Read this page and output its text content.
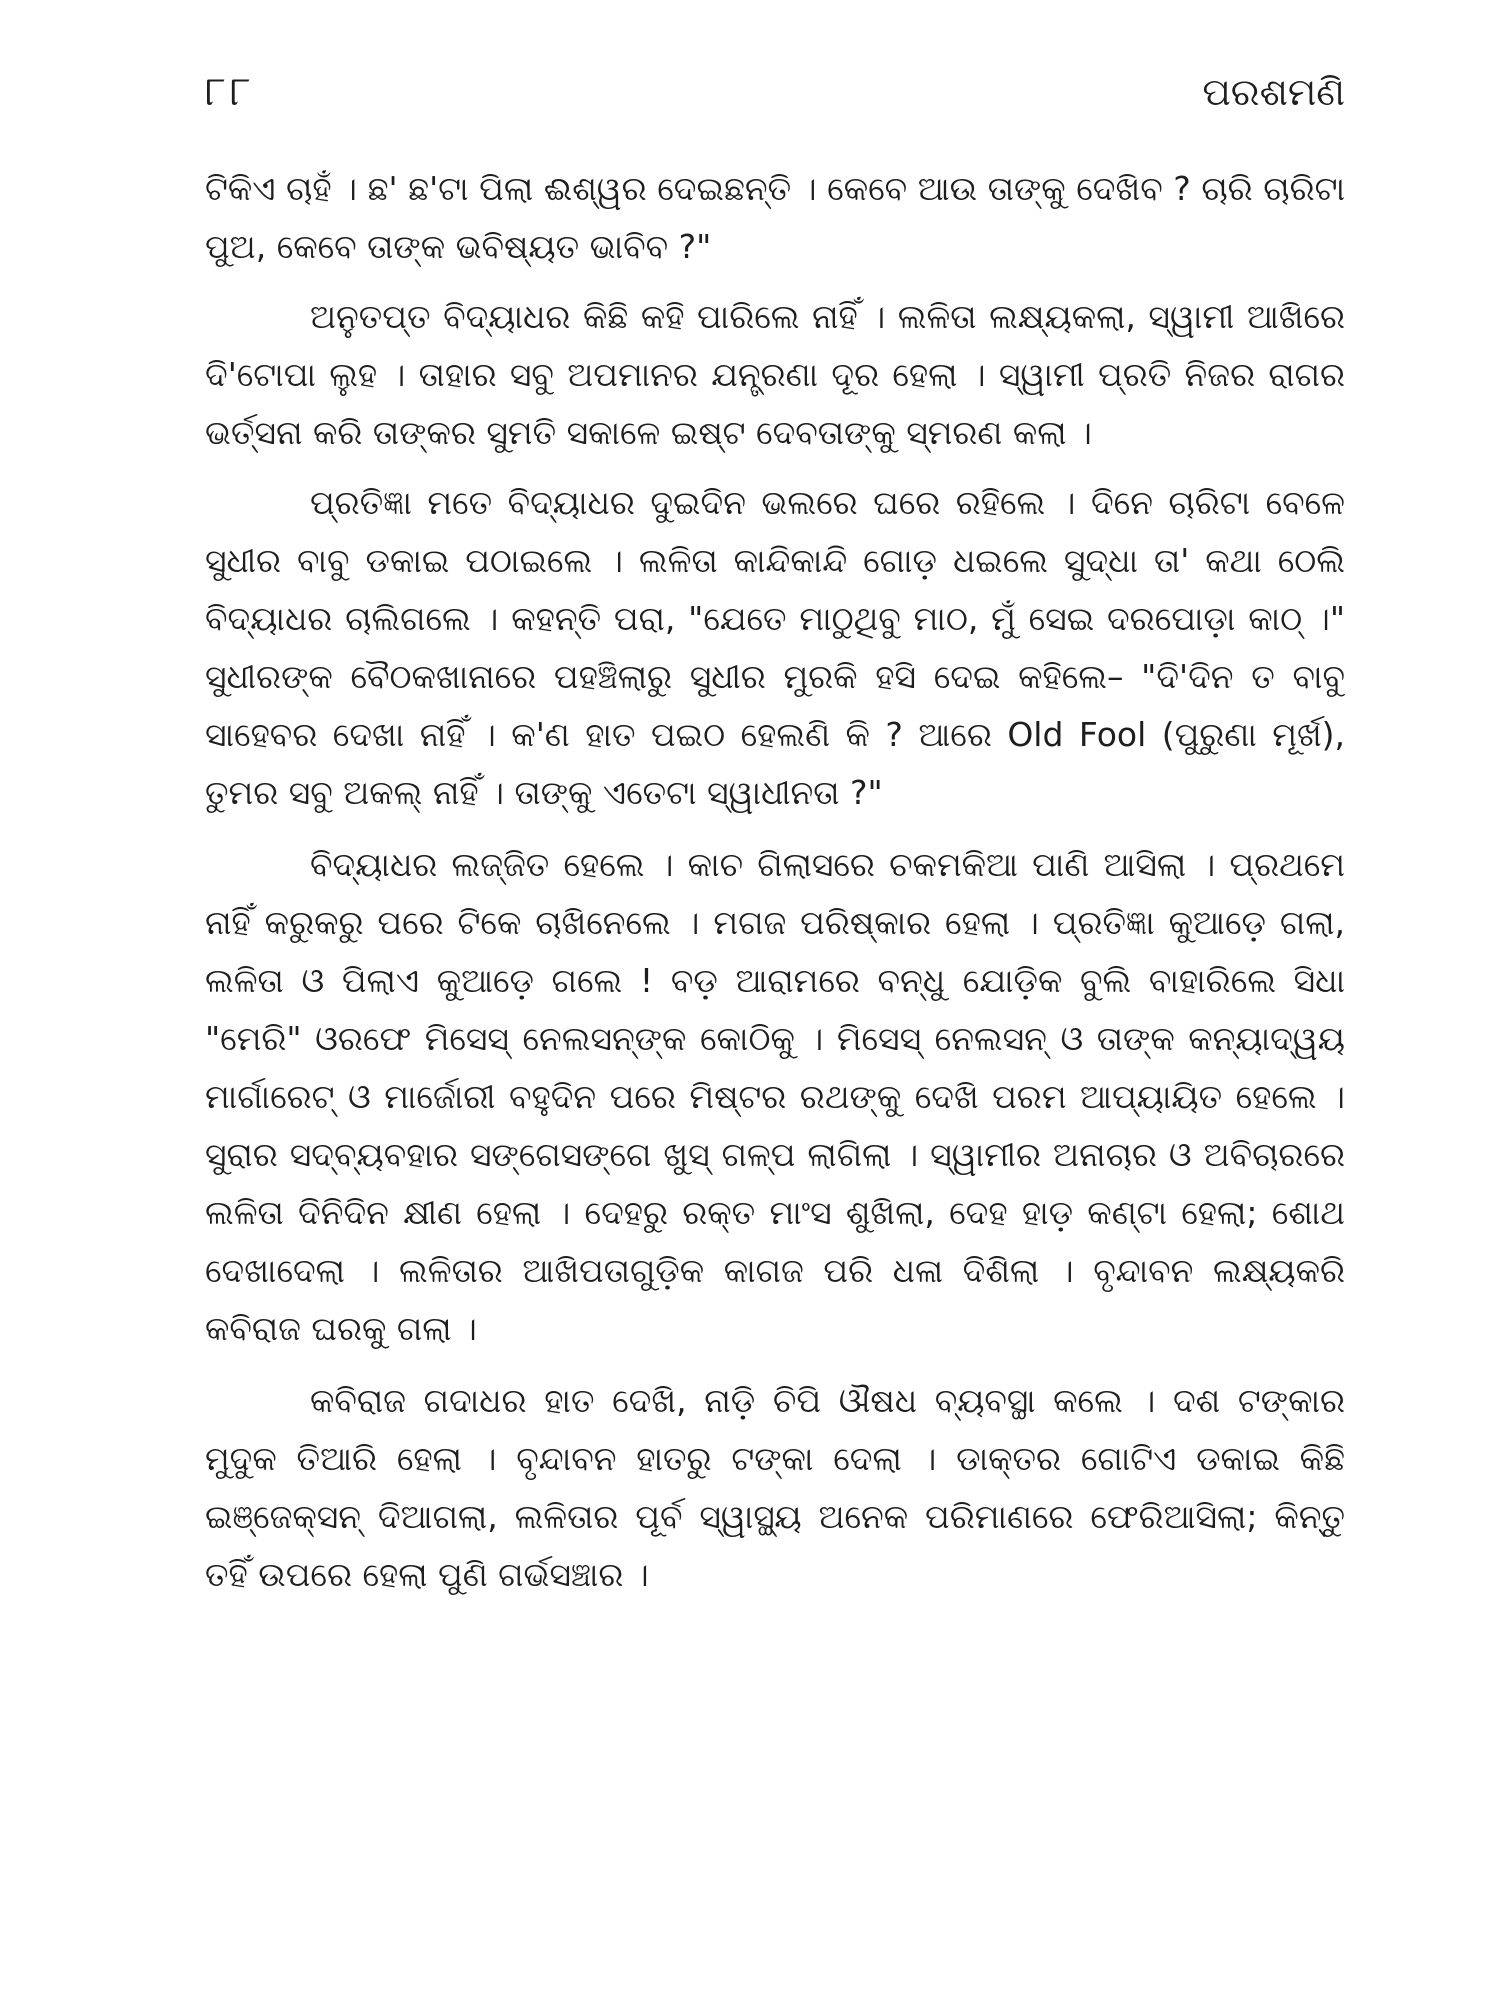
୮୮	ପରଶମଣି

ଟିକିଏ ଚାହଁ । ଛ' ଛ'ଟା ପିଲା ଈଶ୍ୱର ଦେଇଛନ୍ତି । କେବେ ଆଉ ତାଙ୍କୁ ଦେଖିବ ? ଚାରି ଚାରିଟା ପୁଅ, କେବେ ତାଙ୍କ ଭବିଷ୍ୟତ ଭାବିବ ?"

ଅନୁତପ୍ତ ବିଦ୍ୟାଧର କିଛି କହି ପାରିଲେ ନାହିଁ । ଲଳିତା ଲକ୍ଷ୍ୟକଲା, ସ୍ୱାମୀ ଆଖିରେ ଦି'ଟୋପା ଲୁହ । ତାହାର ସବୁ ଅପମାନର ଯନ୍ତ୍ରଣା ଦୂର ହେଲା । ସ୍ୱାମୀ ପ୍ରତି ନିଜର ରାଗର ଭର୍ତ୍ସନା କରି ତାଙ୍କର ସୁମତି ସକାଳେ ଇଷ୍ଟ ଦେବତାଙ୍କୁ ସ୍ମରଣ କଲା ।

ପ୍ରତିଜ୍ଞା ମତେ ବିଦ୍ୟାଧର ଦୁଇଦିନ ଭଲରେ ଘରେ ରହିଲେ । ଦିନେ ଚାରିଟା ବେଳେ ସୁଧୀର ବାବୁ ଡକାଇ ପଠାଇଲେ । ଲଳିତା କାନ୍ଦିକାନ୍ଦି ଗୋଡ଼ ଧଇଲେ ସୁଦ୍ଧା ତା' କଥା ଠେଲି ବିଦ୍ୟାଧର ଚାଲିଗଲେ । କହନ୍ତି ପରା, "ଯେତେ ମାଠୁଥିବୁ ମାଠ, ମୁଁ ସେଇ ଦରପୋଡ଼ା କାଠ୍ ।" ସୁଧୀରଙ୍କ ବୈଠକଖାନାରେ ପହଞ୍ଚିଲାରୁ ସୁଧୀର ମୁରକି ହସି ଦେଇ କହିଲେ– "ଦି'ଦିନ ତ ବାବୁ ସାହେବର ଦେଖା ନାହିଁ । କ'ଣ ହାତ ପଇଠ ହେଲଣି କି ? ଆରେ Old Fool (ପୁରୁଣା ମୂର୍ଖ), ତୁମର ସବୁ ଅକଲ୍ ନାହିଁ । ତାଙ୍କୁ ଏତେଟା ସ୍ୱାଧୀନତା ?"

ବିଦ୍ୟାଧର ଲଜ୍ଜିତ ହେଲେ । କାଚ ଗିଲାସରେ ଚକମକିଆ ପାଣି ଆସିଲା । ପ୍ରଥମେ ନାହିଁ କରୁକରୁ ପରେ ଟିକେ ଚାଖିନେଲେ । ମଗଜ ପରିଷ୍କାର ହେଲା । ପ୍ରତିଜ୍ଞା କୁଆଡ଼େ ଗଲା, ଲଳିତା ଓ ପିଲାଏ କୁଆଡ଼େ ଗଲେ ! ବଡ଼ ଆରାମରେ ବନ୍ଧୁ ଯୋଡ଼ିକ ବୁଲି ବାହାରିଲେ ସିଧା "ମେରି" ଓରଫେ ମିସେସ୍ ନେଲସନ୍‌ଙ୍କ କୋଠିକୁ । ମିସେସ୍ ନେଲସନ୍ ଓ ତାଙ୍କ କନ୍ୟାଦ୍ୱୟ ମାର୍ଗାରେଟ୍ ଓ ମାର୍ଜୋରୀ ବହୁଦିନ ପରେ ମିଷ୍ଟର ରଥଙ୍କୁ ଦେଖି ପରମ ଆପ୍ୟାୟିତ ହେଲେ । ସୁରାର ସଦ୍‌ବ୍ୟବହାର ସଙ୍ଗେସଙ୍ଗେ ଖୁସ୍ ଗଳ୍ପ ଲାଗିଲା । ସ୍ୱାମୀର ଅନାଚାର ଓ ଅବିଚାରରେ ଲଳିତା ଦିନିଦିନ କ୍ଷୀଣ ହେଲା । ଦେହରୁ ରକ୍ତ ମାଂସ ଶୁଖିଲା, ଦେହ ହାଡ଼ କଣ୍ଟା ହେଲା; ଶୋଥ ଦେଖାଦେଲା । ଲଳିତାର ଆଖିପତାଗୁଡ଼ିକ କାଗଜ ପରି ଧଳା ଦିଶିଲା । ବୃନ୍ଦାବନ ଲକ୍ଷ୍ୟକରି କବିରାଜ ଘରକୁ ଗଲା ।

କବିରାଜ ଗଦାଧର ହାତ ଦେଖି, ନାଡ଼ି ଚିପି ଔଷଧ ବ୍ୟବସ୍ଥା କଲେ । ଦଶ ଟଙ୍କାର ମୁଦୁକ ତିଆରି ହେଲା । ବୃନ୍ଦାବନ ହାତରୁ ଟଙ୍କା ଦେଲା । ଡାକ୍ତର ଗୋଟିଏ ଡକାଇ କିଛି ଇଞ୍ଜେକ୍‌ସନ୍ ଦିଆଗଲା, ଲଳିତାର ପୂର୍ବ ସ୍ୱାସ୍ଥ୍ୟ ଅନେକ ପରିମାଣରେ ଫେରିଆସିଲା; କିନ୍ତୁ ତହିଁ ଉପରେ ହେଲା ପୁଣି ଗର୍ଭସଞ୍ଚାର ।
